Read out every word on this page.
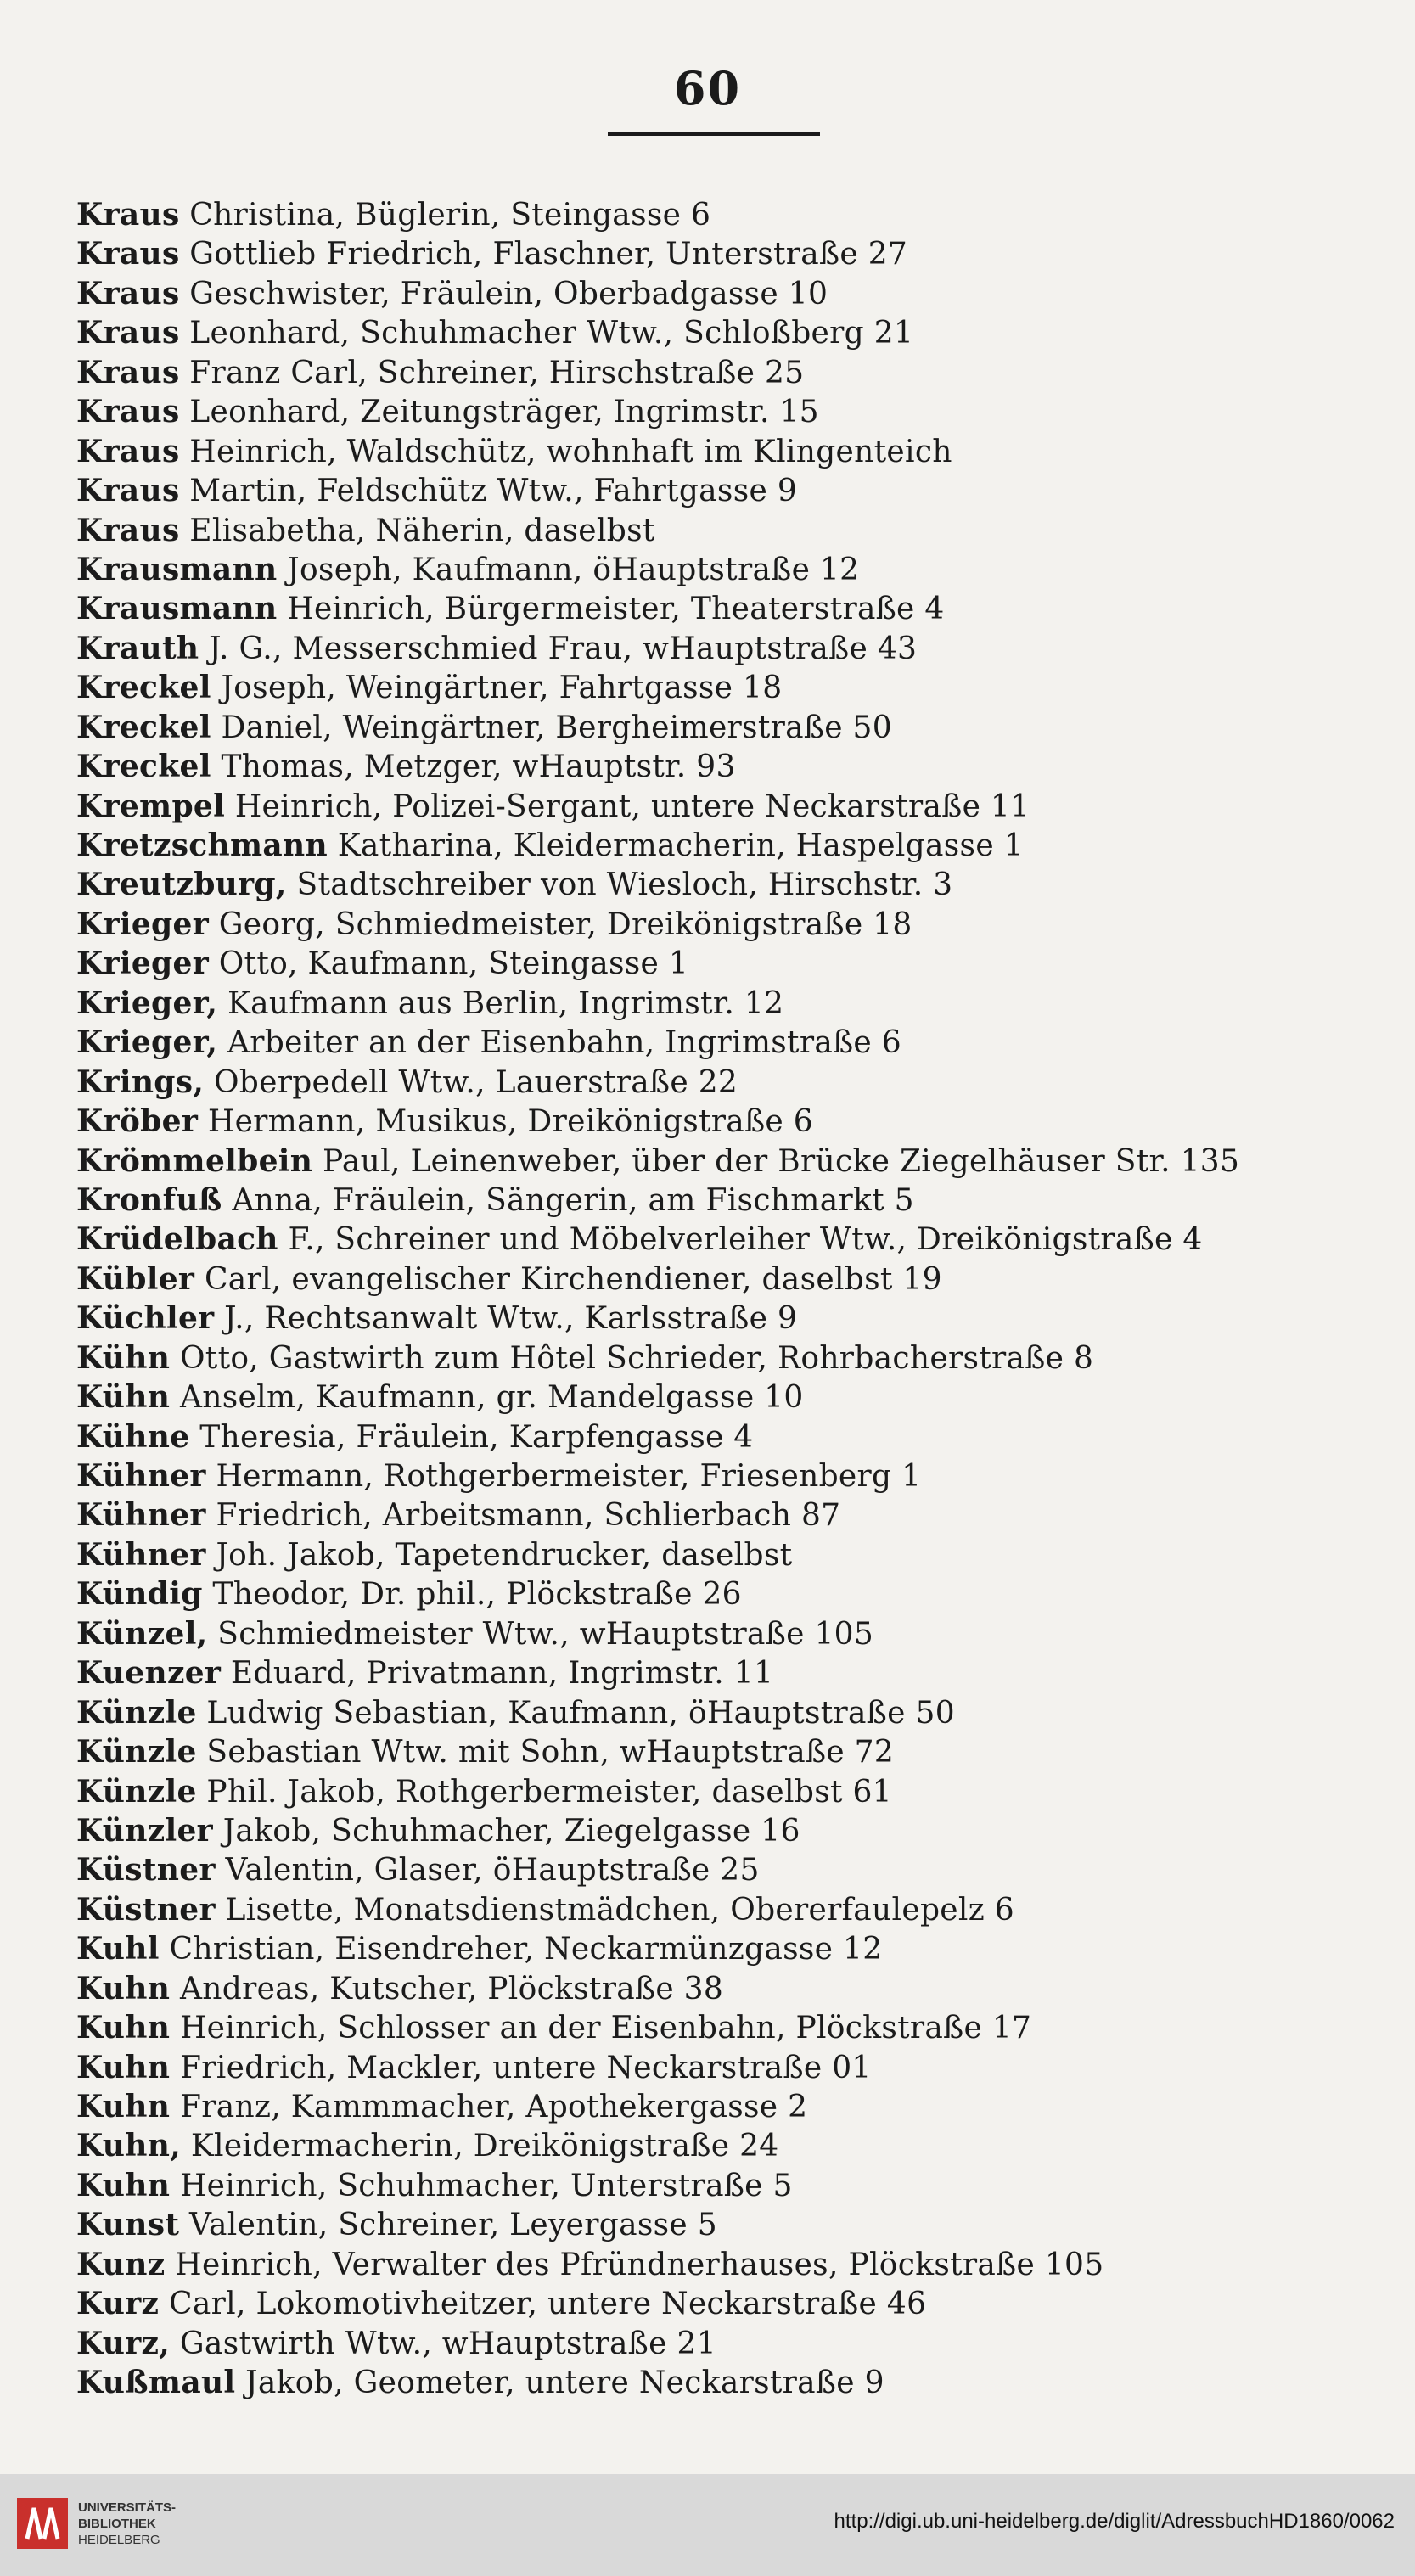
60
Kraus Christina, Büglerin, Steingasse 6
Kraus Gottlieb Friedrich, Flaschner, Unterstraße 27
Kraus Geschwister, Fräulein, Oberbadgasse 10
Kraus Leonhard, Schuhmacher Wtw., Schloßberg 21
Kraus Franz Carl, Schreiner, Hirschstraße 25
Kraus Leonhard, Zeitungsträger, Ingrimstr. 15
Kraus Heinrich, Waldschütz, wohnhaft im Klingenteich
Kraus Martin, Feldschütz Wtw., Fahrtgasse 9
Kraus Elisabetha, Näherin, daselbst
Krausmann Joseph, Kaufmann, öHauptstraße 12
Krausmann Heinrich, Bürgermeister, Theaterstraße 4
Krauth J. G., Messerschmied Frau, wHauptstraße 43
Kreckel Joseph, Weingärtner, Fahrtgasse 18
Kreckel Daniel, Weingärtner, Bergheimerstraße 50
Kreckel Thomas, Metzger, wHauptstr. 93
Krempel Heinrich, Polizei-Sergant, untere Neckarstraße 11
Kretzschmann Katharina, Kleidermacherin, Haspelgasse 1
Kreutzburg, Stadtschreiber von Wiesloch, Hirschstr. 3
Krieger Georg, Schmiedmeister, Dreikönigstraße 18
Krieger Otto, Kaufmann, Steingasse 1
Krieger, Kaufmann aus Berlin, Ingrimstr. 12
Krieger, Arbeiter an der Eisenbahn, Ingrimstraße 6
Krings, Oberpedell Wtw., Lauerstraße 22
Kröber Hermann, Musikus, Dreikönigstraße 6
Krömmelbein Paul, Leinenweber, über der Brücke Ziegelhäuser Str. 135
Kronfuß Anna, Fräulein, Sängerin, am Fischmarkt 5
Krüdelbach F., Schreiner und Möbelverleiher Wtw., Dreikönigstraße 4
Kübler Carl, evangelischer Kirchendiener, daselbst 19
Küchler J., Rechtsanwalt Wtw., Karlsstraße 9
Kühn Otto, Gastwirth zum Hôtel Schrieder, Rohrbacherstraße 8
Kühn Anselm, Kaufmann, gr. Mandelgasse 10
Kühne Theresia, Fräulein, Karpfengasse 4
Kühner Hermann, Rothgerbermeister, Friesenberg 1
Kühner Friedrich, Arbeitsmann, Schlierbach 87
Kühner Joh. Jakob, Tapetendrucker, daselbst
Kündig Theodor, Dr. phil., Plöckstraße 26
Künzel, Schmiedmeister Wtw., wHauptstraße 105
Kuenzer Eduard, Privatmann, Ingrimstr. 11
Künzle Ludwig Sebastian, Kaufmann, öHauptstraße 50
Künzle Sebastian Wtw. mit Sohn, wHauptstraße 72
Künzle Phil. Jakob, Rothgerbermeister, daselbst 61
Künzler Jakob, Schuhmacher, Ziegelgasse 16
Küstner Valentin, Glaser, öHauptstraße 25
Küstner Lisette, Monatsdienstmädchen, Obererfaulepelz 6
Kuhl Christian, Eisendreher, Neckarmünzgasse 12
Kuhn Andreas, Kutscher, Plöckstraße 38
Kuhn Heinrich, Schlosser an der Eisenbahn, Plöckstraße 17
Kuhn Friedrich, Mackler, untere Neckarstraße 01
Kuhn Franz, Kammmacher, Apothekergasse 2
Kuhn, Kleidermacherin, Dreikönigstraße 24
Kuhn Heinrich, Schuhmacher, Unterstraße 5
Kunst Valentin, Schreiner, Leyergasse 5
Kunz Heinrich, Verwalter des Pfründnerhauses, Plöckstraße 105
Kurz Carl, Lokomotivheitzer, untere Neckarstraße 46
Kurz, Gastwirth Wtw., wHauptstraße 21
Kußmaul Jakob, Geometer, untere Neckarstraße 9
UNIVERSITÄTS-
BIBLIOTHEK
HEIDELBERG
http://digi.ub.uni-heidelberg.de/diglit/AdressbuchHD1860/0062
